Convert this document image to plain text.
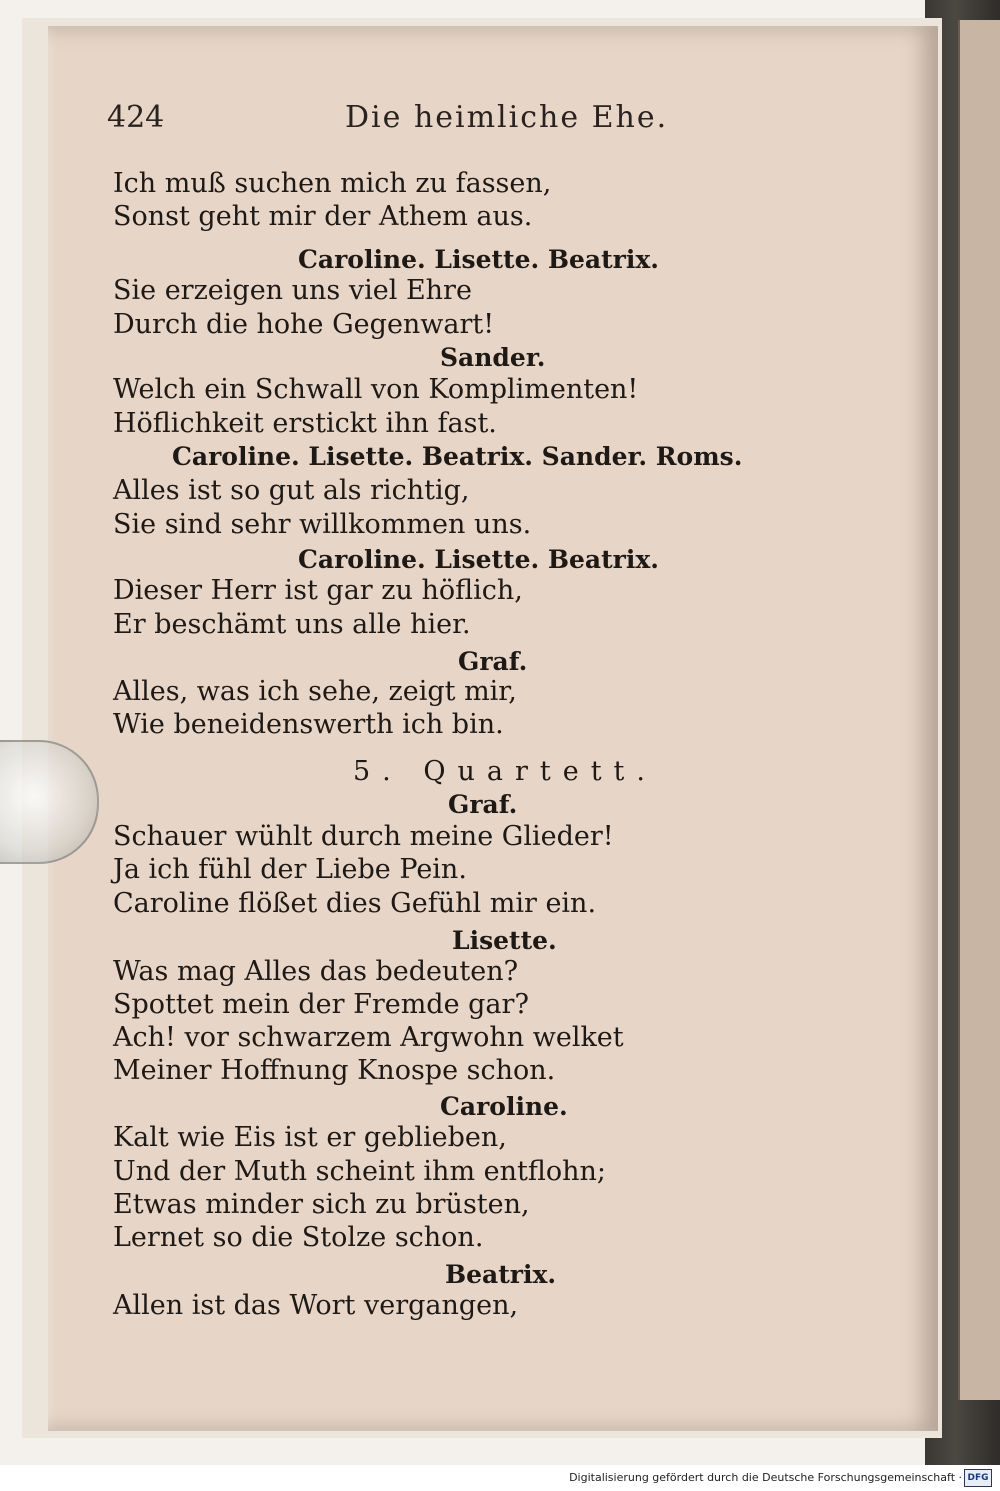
424	Die heimliche Ehe.
Ich muß suchen mich zu fassen,
Sonst geht mir der Athem aus.
Caroline. Lisette. Beatrix.
Sie erzeigen uns viel Ehre
Durch die hohe Gegenwart!
Sander.
Welch ein Schwall von Komplimenten!
Höflichkeit erstickt ihn fast.
Caroline. Lisette. Beatrix. Sander. Roms.
Alles ist so gut als richtig,
Sie sind sehr willkommen uns.
Caroline. Lisette. Beatrix.
Dieser Herr ist gar zu höflich,
Er beschämt uns alle hier.
Graf.
Alles, was ich sehe, zeigt mir,
Wie beneidenswerth ich bin.
5. Quartett.
Graf.
Schauer wühlt durch meine Glieder!
Ja ich fühl der Liebe Pein.
Caroline flößet dies Gefühl mir ein.
Lisette.
Was mag Alles das bedeuten?
Spottet mein der Fremde gar?
Ach! vor schwarzem Argwohn welket
Meiner Hoffnung Knospe schon.
Caroline.
Kalt wie Eis ist er geblieben,
Und der Muth scheint ihm entflohn;
Etwas minder sich zu brüsten,
Lernet so die Stolze schon.
Beatrix.
Allen ist das Wort vergangen,
Digitalisierung gefördert durch die Deutsche Forschungsgemeinschaft · DFG
